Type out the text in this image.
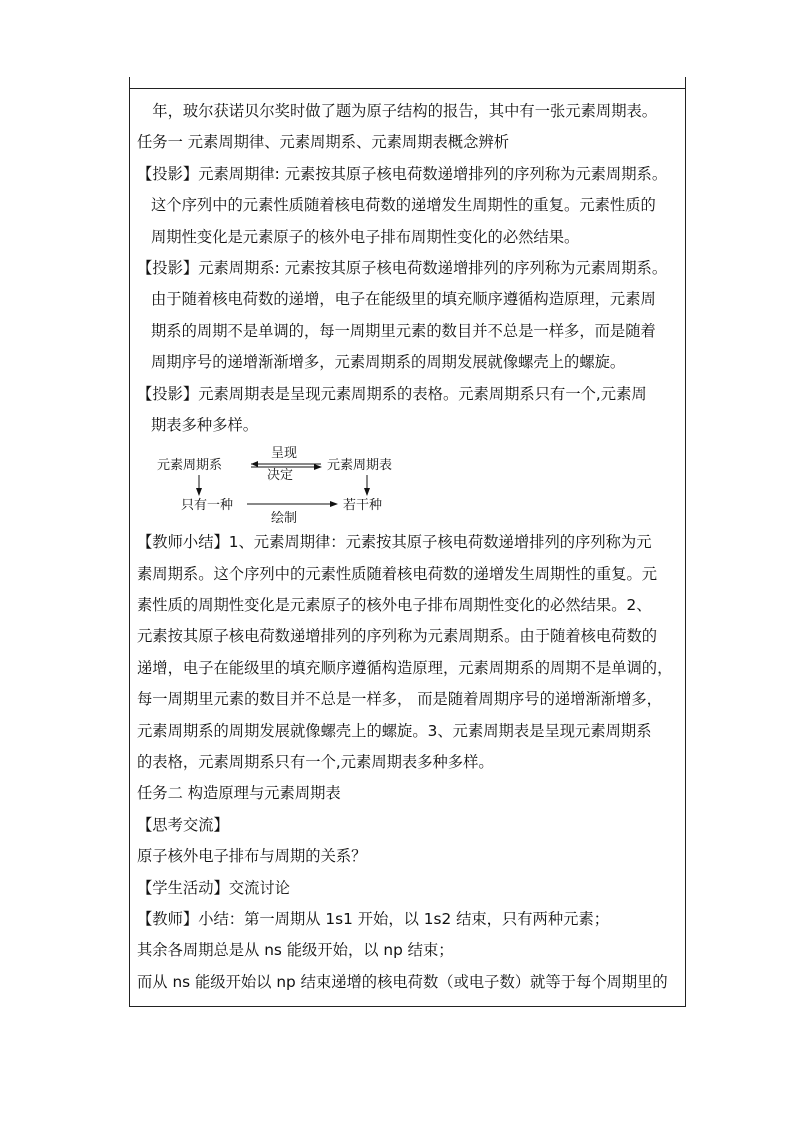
　年，玻尔获诺贝尔奖时做了题为原子结构的报告，其中有一张元素周期表。
任务一 元素周期律、元素周期系、元素周期表概念辨析
【投影】元素周期律: 元素按其原子核电荷数递增排列的序列称为元素周期系。
这个序列中的元素性质随着核电荷数的递增发生周期性的重复。元素性质的
周期性变化是元素原子的核外电子排布周期性变化的必然结果。
【投影】元素周期系: 元素按其原子核电荷数递增排列的序列称为元素周期系。
由于随着核电荷数的递增，电子在能级里的填充顺序遵循构造原理，元素周
期系的周期不是单调的，每一周期里元素的数目并不总是一样多，而是随着
周期序号的递增渐渐增多，元素周期系的周期发展就像螺壳上的螺旋。
【投影】元素周期表是呈现元素周期系的表格。元素周期系只有一个,元素周
期表多种多样。
元素周期系	元素周期表
只有一种	若干种
呈现
决定
绘制
【教师小结】1、元素周期律：元素按其原子核电荷数递增排列的序列称为元
素周期系。这个序列中的元素性质随着核电荷数的递增发生周期性的重复。元
素性质的周期性变化是元素原子的核外电子排布周期性变化的必然结果。2、
元素按其原子核电荷数递增排列的序列称为元素周期系。由于随着核电荷数的
递增，电子在能级里的填充顺序遵循构造原理，元素周期系的周期不是单调的，
每一周期里元素的数目并不总是一样多， 而是随着周期序号的递增渐渐增多，
元素周期系的周期发展就像螺壳上的螺旋。3、元素周期表是呈现元素周期系
的表格，元素周期系只有一个,元素周期表多种多样。
任务二 构造原理与元素周期表
【思考交流】
原子核外电子排布与周期的关系？
【学生活动】交流讨论
【教师】小结：第一周期从 1s1 开始，以 1s2 结束，只有两种元素；
其余各周期总是从 ns 能级开始，以 np 结束；
而从 ns 能级开始以 np 结束递增的核电荷数（或电子数）就等于每个周期里的
